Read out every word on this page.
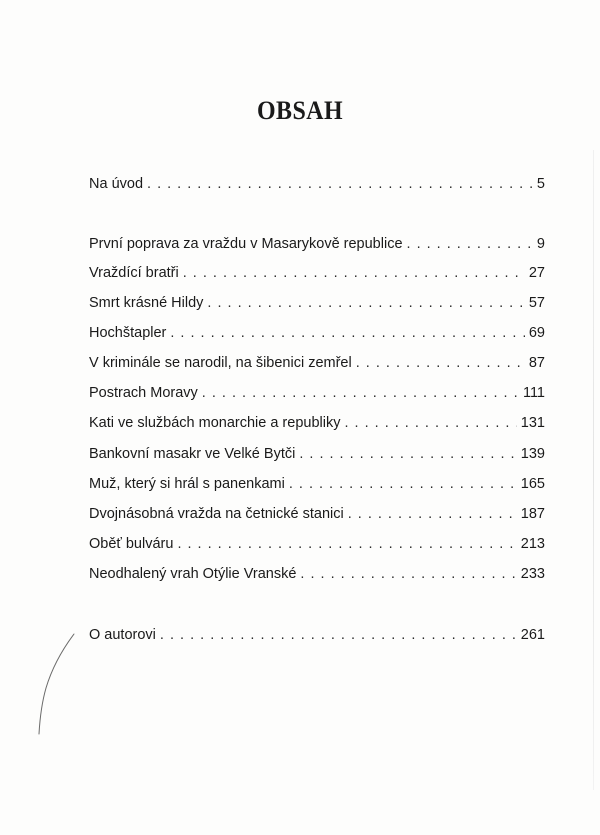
OBSAH
Na úvod . . .	5
První poprava za vraždu v Masarykově republice . . .	9
Vraždící bratři . . .	27
Smrt krásné Hildy . . .	57
Hochštapler . . .	69
V kriminále se narodil, na šibenici zemřel . . .	87
Postrach Moravy . . .	111
Kati ve službách monarchie a republiky . . .	131
Bankovní masakr ve Velké Bytči . . .	139
Muž, který si hrál s panenkami . . .	165
Dvojnásobná vražda na četnické stanici . . .	187
Oběť bulváru . . .	213
Neodhalený vrah Otýlie Vranské . . .	233
O autorovi . . .	261
